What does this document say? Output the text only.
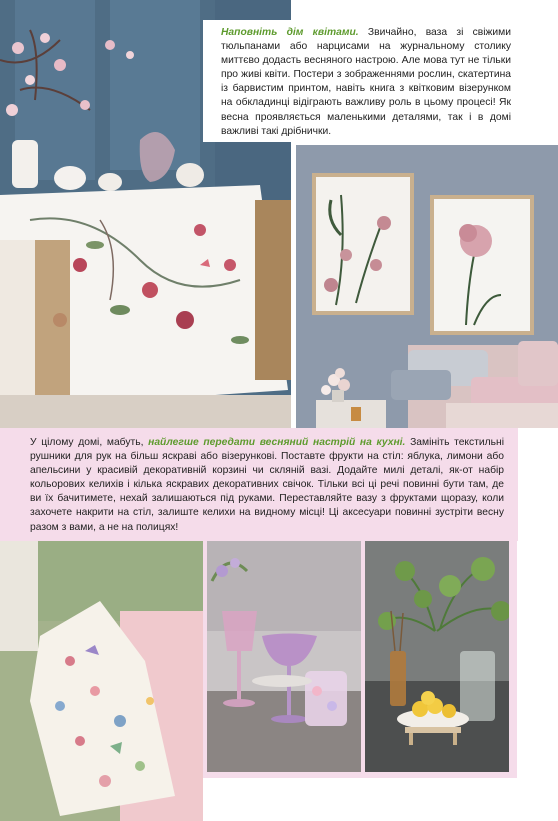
Наповніть дім квітами. Звичайно, ваза зі свіжими тюльпанами або нарцисами на журнальному столику миттєво додасть весняного настрою. Але мова тут не тільки про живі квіти. Постери з зображеннями рослин, скатертина із барвистим принтом, навіть книга з квітковим візерунком на обкладинці відіграють важливу роль в цьому процесі! Як весна проявляється маленькими деталями, так і в домі важливі такі дрібнички.
У цілому домі, мабуть, найлегше передати весняний настрій на кухні. Замініть текстильні рушники для рук на більш яскраві або візерункові. Поставте фрукти на стіл: яблука, лимони або апельсини у красивій декоративній корзині чи скляній вазі. Додайте милі деталі, як-от набір кольорових келихів і кілька яскравих декоративних свічок. Тільки всі ці речі повинні бути там, де ви їх бачитимете, нехай залишаються під руками. Переставляйте вазу з фруктами щоразу, коли захочете накрити на стіл, залиште келихи на видному місці! Ці аксесуари повинні зустріти весну разом з вами, а не на полицях!
